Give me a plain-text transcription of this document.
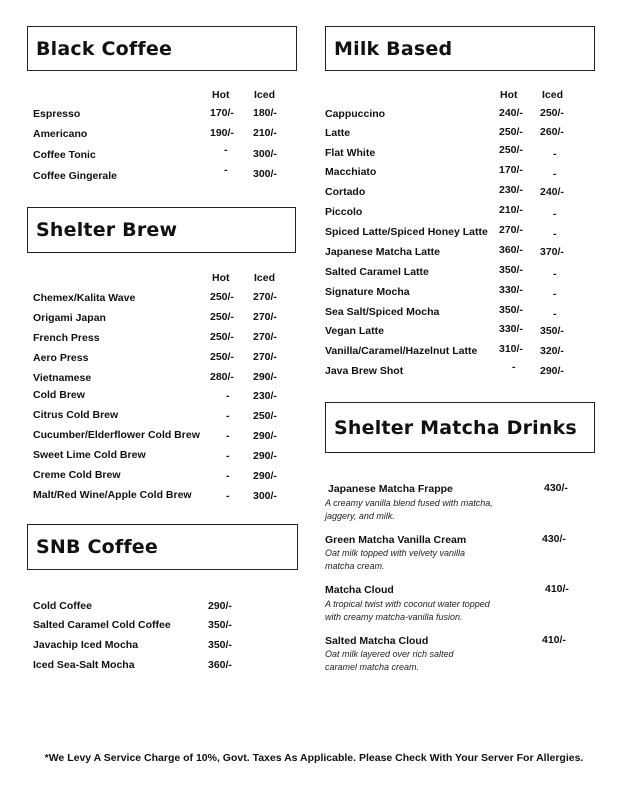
Black Coffee
Hot Iced
Espresso	170/- 180/-
Americano	190/- 210/-
Coffee Tonic	- 300/-
Coffee Gingerale	- 300/-
Shelter Brew
Hot Iced
Chemex/Kalita Wave	250/- 270/-
Origami Japan	250/- 270/-
French Press	250/- 270/-
Aero Press	250/- 270/-
Vietnamese	280/- 290/-
Cold Brew	- 230/-
Citrus Cold Brew	- 250/-
Cucumber/Elderflower Cold Brew - 290/-
Sweet Lime Cold Brew	- 290/-
Creme Cold Brew	- 290/-
Malt/Red Wine/Apple Cold Brew	- 300/-
SNB Coffee
Cold Coffee	290/-
Salted Caramel Cold Coffee	350/-
Javachip Iced Mocha	350/-
Iced Sea-Salt Mocha	360/-
Milk Based
Hot Iced
Cappuccino	240/- 250/-
Latte	250/- 260/-
Flat White	250/-	-
Macchiato	170/-	-
Cortado	230/- 240/-
Piccolo	210/-	-
Spiced Latte/Spiced Honey Latte 270/-	-
Japanese Matcha Latte	360/- 370/-
Salted Caramel Latte	350/-	-
Signature Mocha	330/-	-
Sea Salt/Spiced Mocha	350/-	-
Vegan Latte	330/- 350/-
Vanilla/Caramel/Hazelnut Latte 310/- 320/-
Java Brew Shot	- 290/-
Shelter Matcha Drinks
Japanese Matcha Frappe	430/-
A creamy vanilla blend fused with matcha,
jaggery, and milk.
Green Matcha Vanilla Cream	430/-
Oat milk topped with velvety vanilla
matcha cream.
Matcha Cloud	410/-
A tropical twist with coconut water topped
with creamy matcha-vanilla fusion.
Salted Matcha Cloud	410/-
Oat milk layered over rich salted
caramel matcha cream.
*We Levy A Service Charge of 10%, Govt. Taxes As Applicable. Please Check With Your Server For Allergies.
